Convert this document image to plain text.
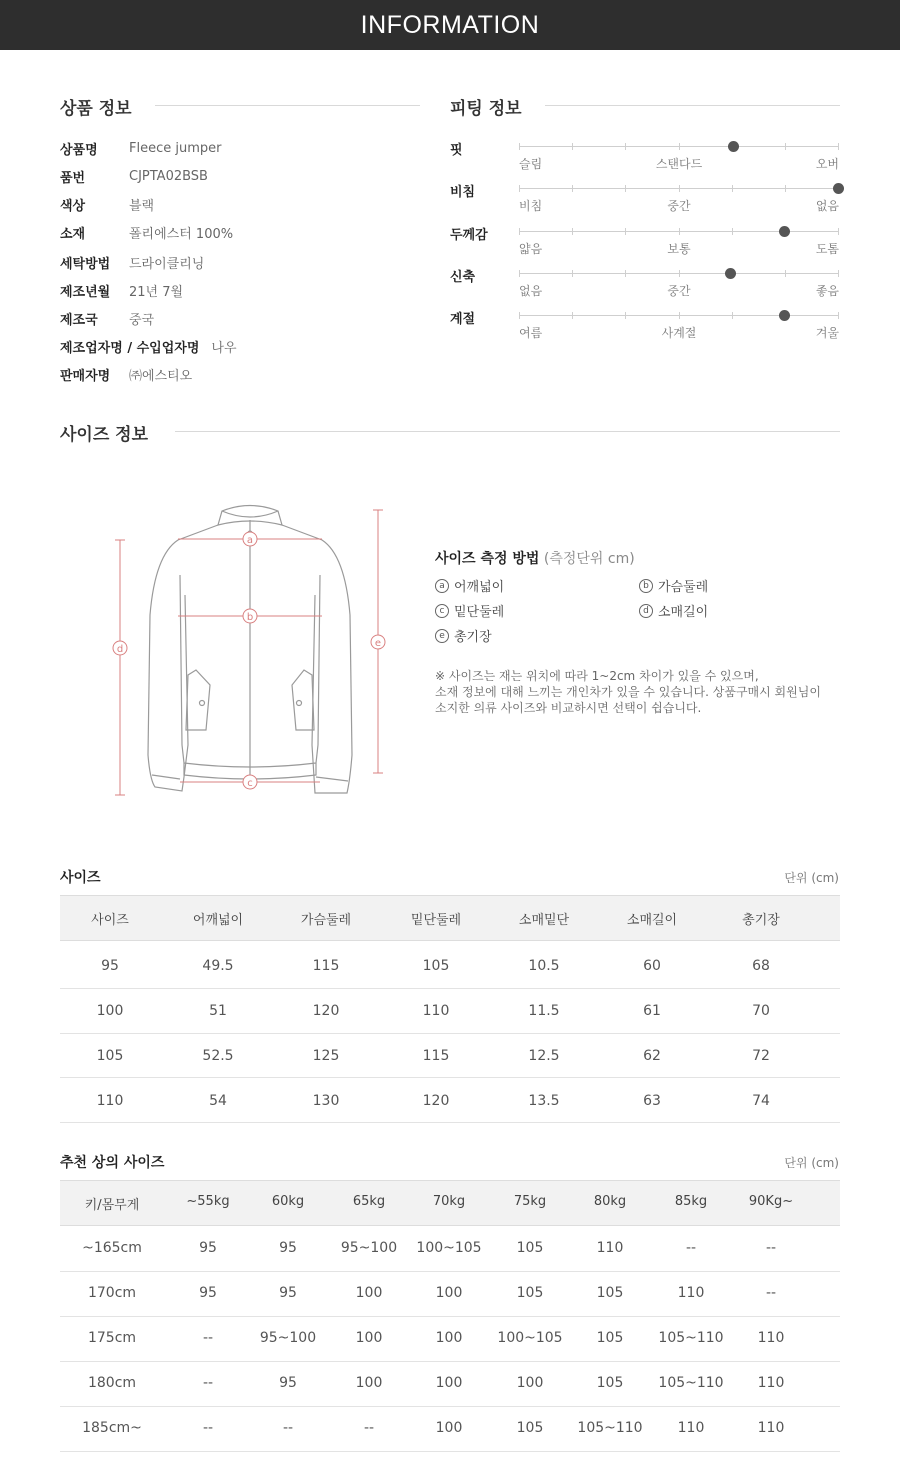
INFORMATION
상품 정보
상품명	Fleece jumper
품번	CJPTA02BSB
색상	블랙
소재	폴리에스터 100%
세탁방법	드라이클리닝
제조년월	21년 7월
제조국	중국
제조업자명 / 수입업자명 나우
판매자명	㈜에스티오
피팅 정보
핏
슬림	스탠다드	오버
비침
비침	중간	없음
두께감
얇음	보통	도톰
신축
없음	중간	좋음
계절
여름	사계절	겨울
사이즈 정보
a
b
c
d
e
사이즈 측정 방법 (측정단위 cm)
a 어깨넓이	b 가슴둘레
c 밑단둘레	d 소매길이
e 총기장
※ 사이즈는 재는 위치에 따라 1~2cm 차이가 있을 수 있으며,
소재 정보에 대해 느끼는 개인차가 있을 수 있습니다. 상품구매시 회원님이
소지한 의류 사이즈와 비교하시면 선택이 쉽습니다.
사이즈	단위 (cm)
사이즈	어깨넓이	가슴둘레	밑단둘레	소매밑단	소매길이	총기장
95	49.5	115	105	10.5	60	68
100	51	120	110	11.5	61	70
105	52.5	125	115	12.5	62	72
110	54	130	120	13.5	63	74
추천 상의 사이즈	단위 (cm)
키/몸무게	~55kg	60kg	65kg	70kg	75kg	80kg	85kg	90Kg~
~165cm	95	95	95~100 100~105	105	110	--	--
170cm	95	95	100	100	105	105	110	--
175cm	--	95~100	100	100	100~105 105	105~110 110
180cm	--	95	100	100	100	105	105~110 110
185cm~	--	--	--	100	105 105~110	110	110
